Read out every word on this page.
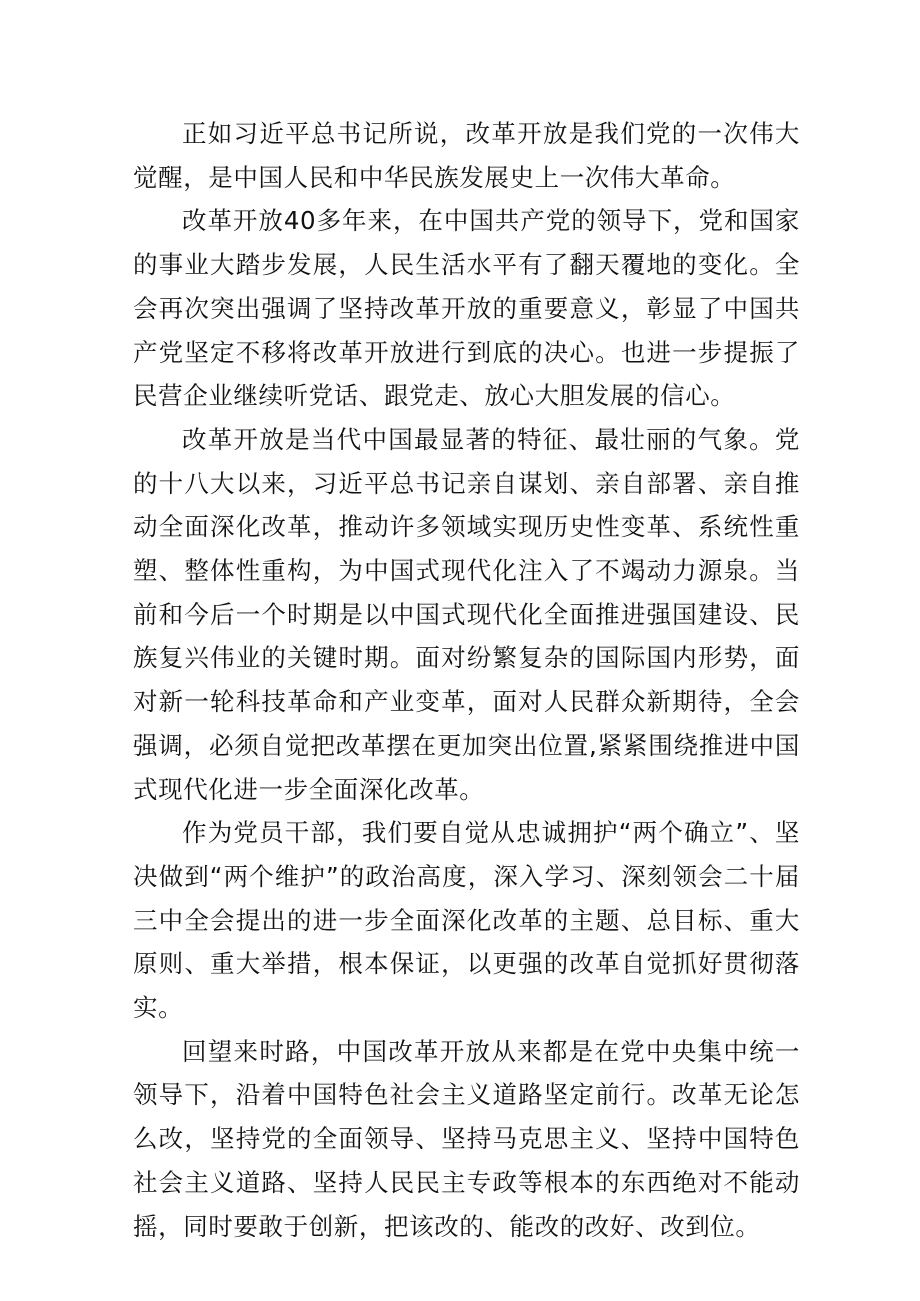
正如习近平总书记所说，改革开放是我们党的一次伟大觉醒，是中国人民和中华民族发展史上一次伟大革命。

改革开放40多年来，在中国共产党的领导下，党和国家的事业大踏步发展，人民生活水平有了翻天覆地的变化。全会再次突出强调了坚持改革开放的重要意义，彰显了中国共产党坚定不移将改革开放进行到底的决心。也进一步提振了民营企业继续听党话、跟党走、放心大胆发展的信心。

改革开放是当代中国最显著的特征、最壮丽的气象。党的十八大以来，习近平总书记亲自谋划、亲自部署、亲自推动全面深化改革，推动许多领域实现历史性变革、系统性重塑、整体性重构，为中国式现代化注入了不竭动力源泉。当前和今后一个时期是以中国式现代化全面推进强国建设、民族复兴伟业的关键时期。面对纷繁复杂的国际国内形势，面对新一轮科技革命和产业变革，面对人民群众新期待，全会强调，必须自觉把改革摆在更加突出位置,紧紧围绕推进中国式现代化进一步全面深化改革。

作为党员干部，我们要自觉从忠诚拥护“两个确立”、坚决做到“两个维护”的政治高度，深入学习、深刻领会二十届三中全会提出的进一步全面深化改革的主题、总目标、重大原则、重大举措，根本保证，以更强的改革自觉抓好贯彻落实。

回望来时路，中国改革开放从来都是在党中央集中统一领导下，沿着中国特色社会主义道路坚定前行。改革无论怎么改，坚持党的全面领导、坚持马克思主义、坚持中国特色社会主义道路、坚持人民民主专政等根本的东西绝对不能动摇，同时要敢于创新，把该改的、能改的改好、改到位。
